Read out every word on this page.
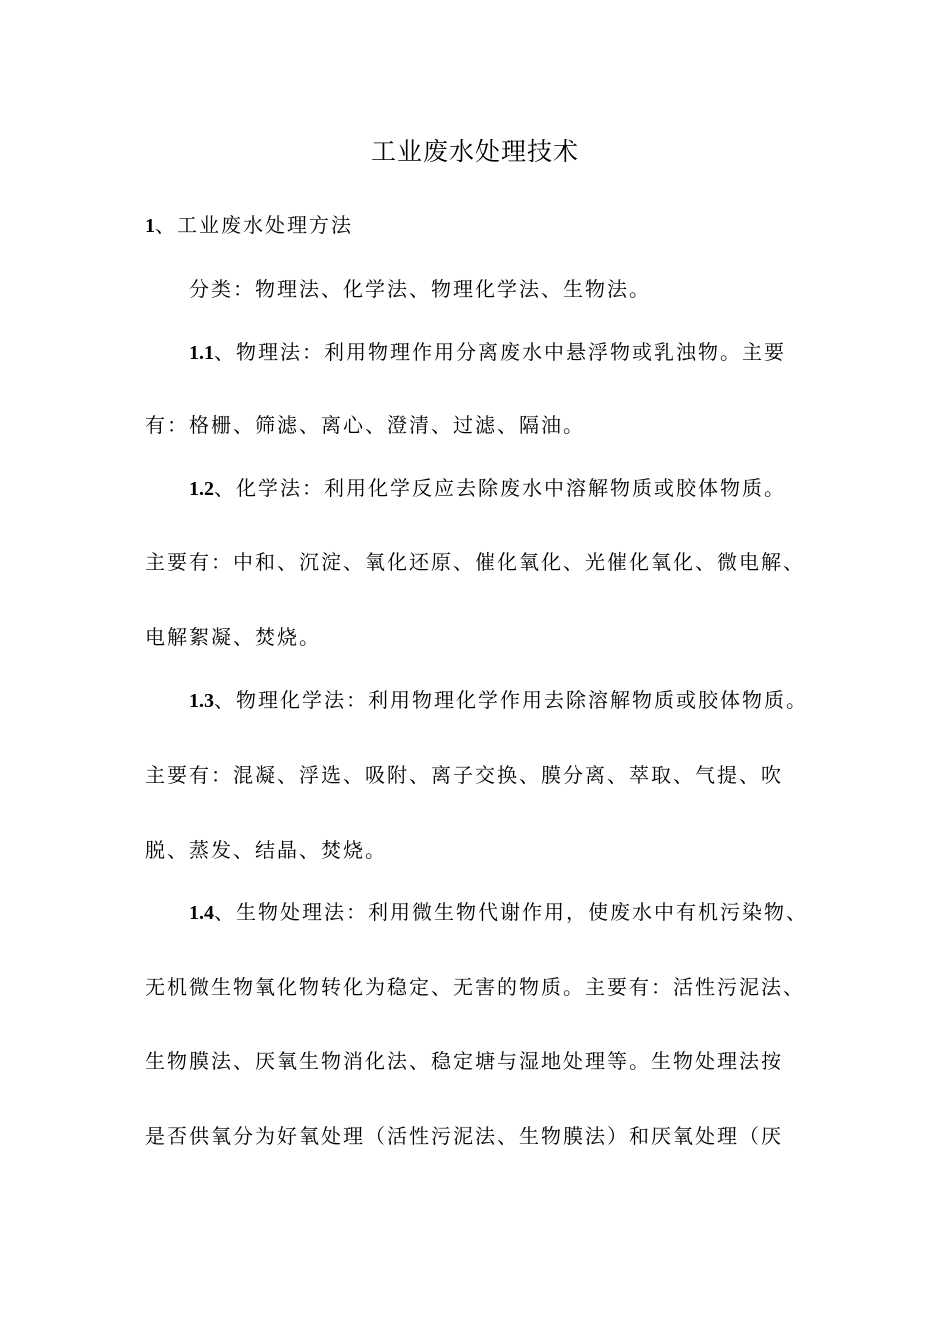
工业废水处理技术
1、工业废水处理方法
分类：物理法、化学法、物理化学法、生物法。
1.1、物理法：利用物理作用分离废水中悬浮物或乳浊物。主要
有：格栅、筛滤、离心、澄清、过滤、隔油。
1.2、化学法：利用化学反应去除废水中溶解物质或胶体物质。
主要有：中和、沉淀、氧化还原、催化氧化、光催化氧化、微电解、
电解絮凝、焚烧。
1.3、物理化学法：利用物理化学作用去除溶解物质或胶体物质。
主要有：混凝、浮选、吸附、离子交换、膜分离、萃取、气提、吹
脱、蒸发、结晶、焚烧。
1.4、生物处理法：利用微生物代谢作用，使废水中有机污染物、
无机微生物氧化物转化为稳定、无害的物质。主要有：活性污泥法、
生物膜法、厌氧生物消化法、稳定塘与湿地处理等。生物处理法按
是否供氧分为好氧处理（活性污泥法、生物膜法）和厌氧处理（厌
